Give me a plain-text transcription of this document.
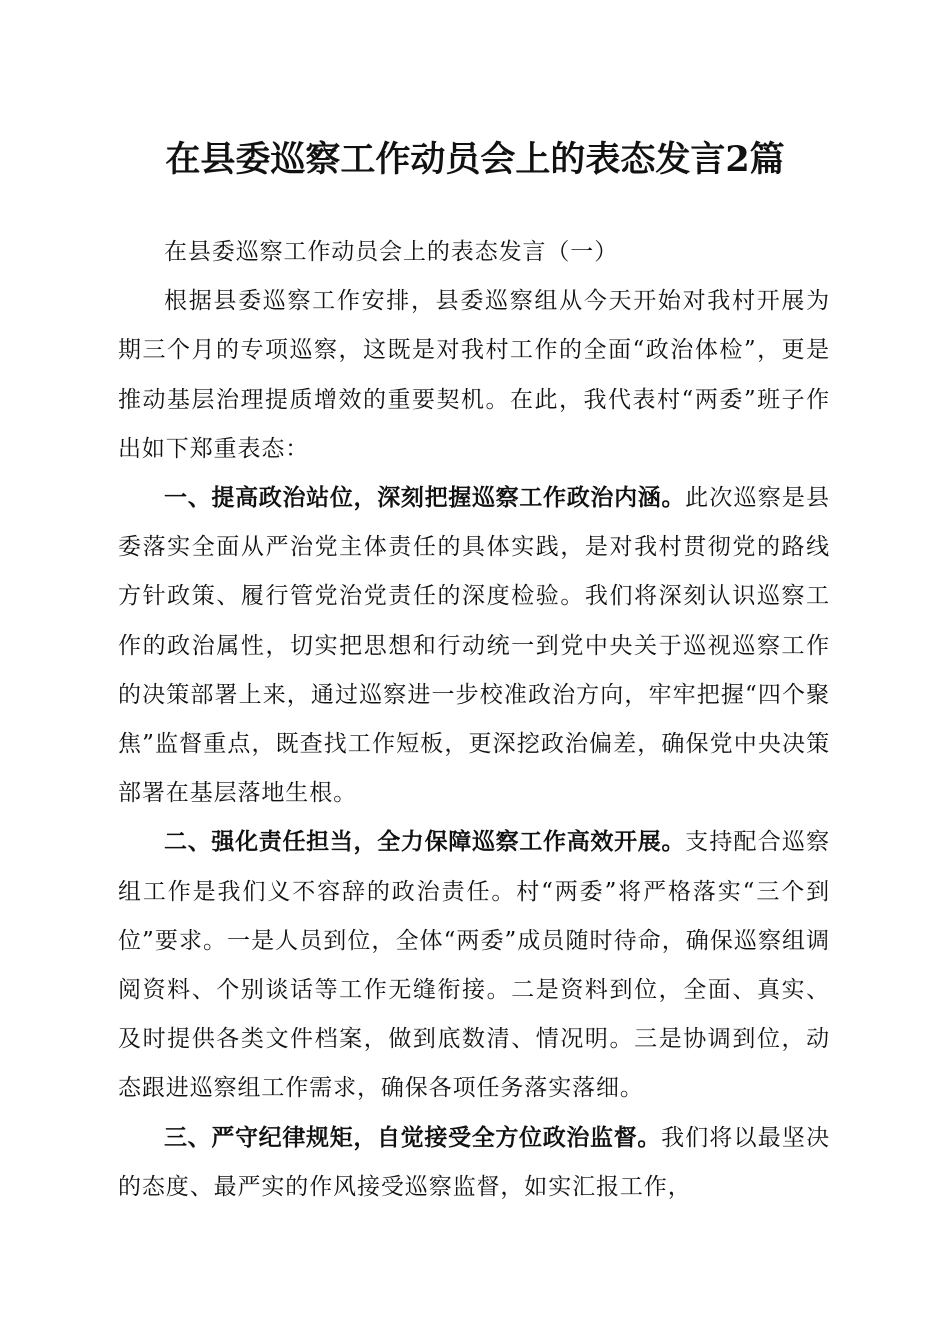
在县委巡察工作动员会上的表态发言2篇

在县委巡察工作动员会上的表态发言（一）

根据县委巡察工作安排，县委巡察组从今天开始对我村开展为期三个月的专项巡察，这既是对我村工作的全面“政治体检”，更是推动基层治理提质增效的重要契机。在此，我代表村“两委”班子作出如下郑重表态：

一、提高政治站位，深刻把握巡察工作政治内涵。此次巡察是县委落实全面从严治党主体责任的具体实践，是对我村贯彻党的路线方针政策、履行管党治党责任的深度检验。我们将深刻认识巡察工作的政治属性，切实把思想和行动统一到党中央关于巡视巡察工作的决策部署上来，通过巡察进一步校准政治方向，牢牢把握“四个聚焦”监督重点，既查找工作短板，更深挖政治偏差，确保党中央决策部署在基层落地生根。

二、强化责任担当，全力保障巡察工作高效开展。支持配合巡察组工作是我们义不容辞的政治责任。村“两委”将严格落实“三个到位”要求。一是人员到位，全体“两委”成员随时待命，确保巡察组调阅资料、个别谈话等工作无缝衔接。二是资料到位，全面、真实、及时提供各类文件档案，做到底数清、情况明。三是协调到位，动态跟进巡察组工作需求，确保各项任务落实落细。

三、严守纪律规矩，自觉接受全方位政治监督。我们将以最坚决的态度、最严实的作风接受巡察监督，如实汇报工作，
